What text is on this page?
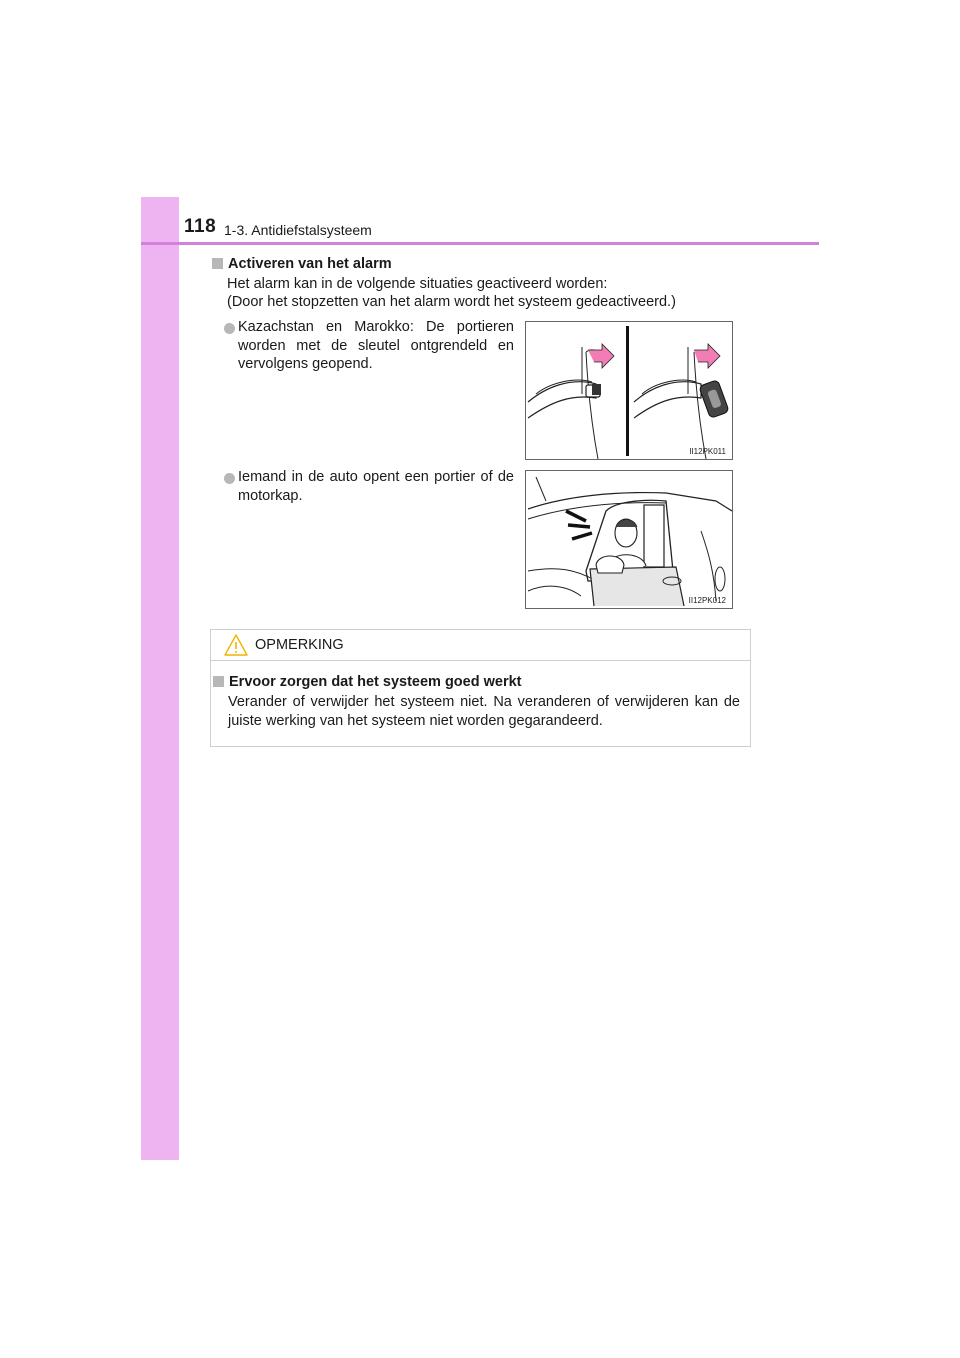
118 1-3. Antidiefstalsysteem
Activeren van het alarm
Het alarm kan in de volgende situaties geactiveerd worden:
(Door het stopzetten van het alarm wordt het systeem gedeactiveerd.)
Kazachstan en Marokko: De portieren worden met de sleutel ontgrendeld en vervolgens geopend.
II12PK011
Iemand in de auto opent een portier of de motorkap.
II12PK012
OPMERKING
Ervoor zorgen dat het systeem goed werkt
Verander of verwijder het systeem niet. Na veranderen of verwijderen kan de juiste werking van het systeem niet worden gegarandeerd.
